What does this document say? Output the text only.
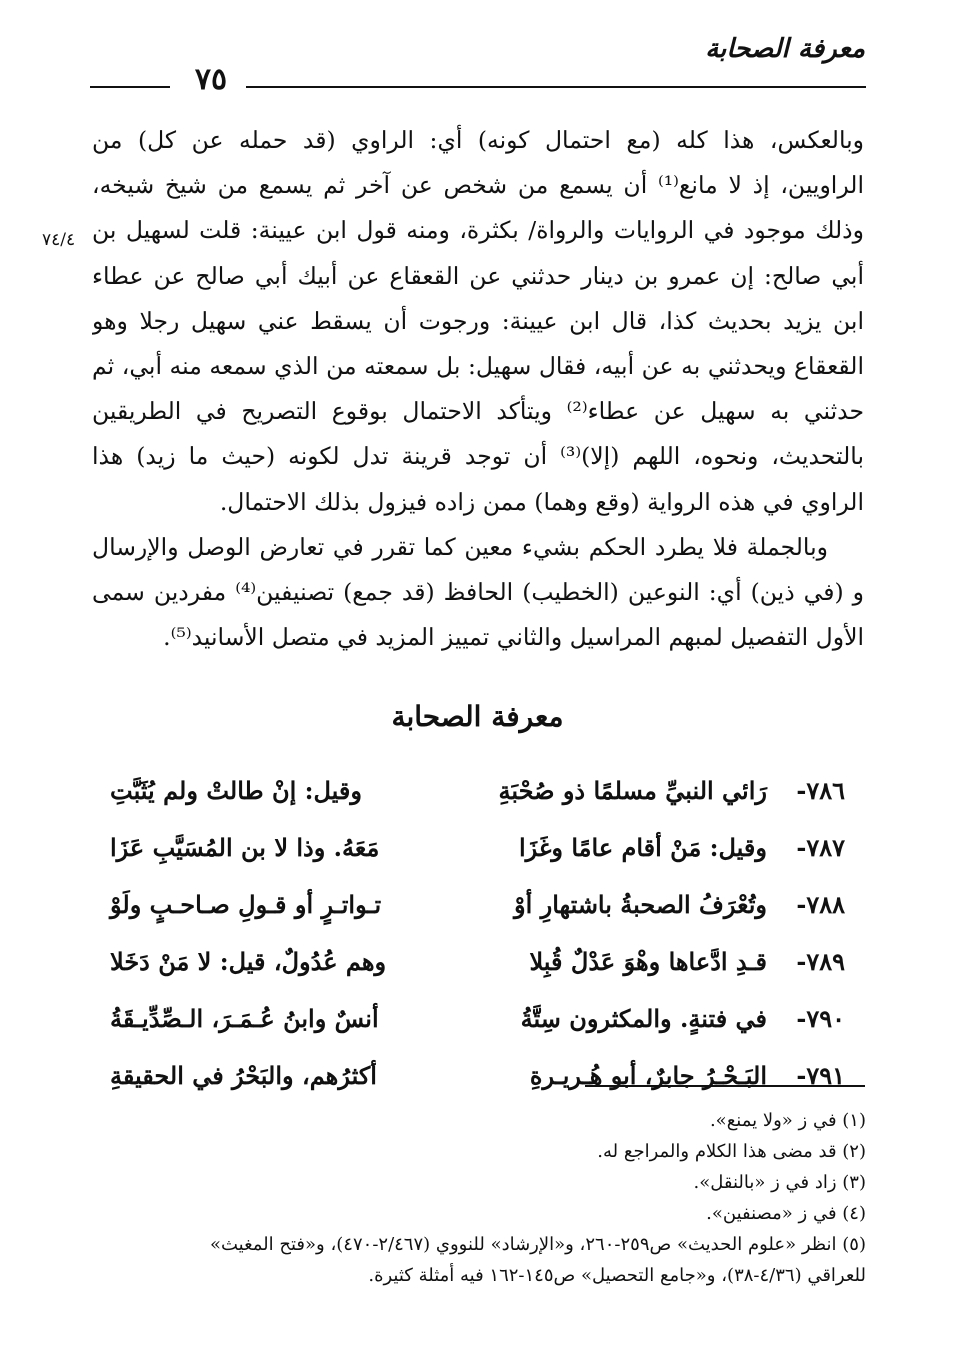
معرفة الصحابة
٧٥
٧٤/٤
وبالعكس، هذا كله (مع احتمال كونه) أي: الراوي (قد حمله عن كل) من
الراويين، إذ لا مانع⁽¹⁾ أن يسمع من شخص عن آخر ثم يسمع من شيخ شيخه،
وذلك موجود في الروايات والرواة/ بكثرة، ومنه قول ابن عيينة: قلت لسهيل بن
أبي صالح: إن عمرو بن دينار حدثني عن القعقاع عن أبيك أبي صالح عن عطاء
ابن يزيد بحديث كذا، قال ابن عيينة: ورجوت أن يسقط عني سهيل رجلا وهو
القعقاع ويحدثني به عن أبيه، فقال سهيل: بل سمعته من الذي سمعه منه أبي، ثم
حدثني به سهيل عن عطاء⁽²⁾ ويتأكد الاحتمال بوقوع التصريح في الطريقين
بالتحديث، ونحوه، اللهم (إلا)⁽³⁾ أن توجد قرينة تدل لكونه (حيث ما زيد) هذا
الراوي في هذه الرواية (وقع وهما) ممن زاده فيزول بذلك الاحتمال.
وبالجملة فلا يطرد الحكم بشيء معين كما تقرر في تعارض الوصل والإرسال
و (في ذين) أي: النوعين (الخطيب) الحافظ (قد جمع) تصنيفين⁽⁴⁾ مفردين سمى
الأول التفصيل لمبهم المراسيل والثاني تمييز المزيد في متصل الأسانيد⁽⁵⁾.
معرفة الصحابة
٧٨٦-
رَائي النبيِّ مسلمًا ذو صُحْبَةِ
وقيل: إنْ طالتْ ولم يُثَبَّتِ
٧٨٧-
وقيل: مَنْ أقام عامًا وغَزَا
مَعَهُ. وذا لا بن المُسَيَّبِ عَزَا
٧٨٨-
وتُعْرَفُ الصحبةُ باشتهارِ أوْ
تـواتـرٍ أو قـولِ صـاحـبٍ ولَوْ
٧٨٩-
قـدِ ادَّعاها وهْوَ عَدْلٌ قُبِلا
وهم عُدُولٌ، قيل: لا مَنْ دَخَلا
٧٩٠-
في فتنةٍ. والمكثرون سِتَّةُ
أنسٌ وابنُ عُـمَـرَ، الـصِّدِّيـقَةُ
٧٩١-
البَـحْـرُ جابرٌ، أبو هُـريـرةِ
أكثرُهم، والبَحْرُ في الحقيقةِ
(١) في ز «ولا يمنع».
(٢) قد مضى هذا الكلام والمراجع له.
(٣) زاد في ز «بالنقل».
(٤) في ز «مصنفين».
(٥) انظر «علوم الحديث» ص٢٥٩-٢٦٠، و«الإرشاد» للنووي (٢/٤٦٧-٤٧٠)، و«فتح المغيث»
للعراقي (٤/٣٦-٣٨)، و«جامع التحصيل» ص١٤٥-١٦٢ فيه أمثلة كثيرة.
